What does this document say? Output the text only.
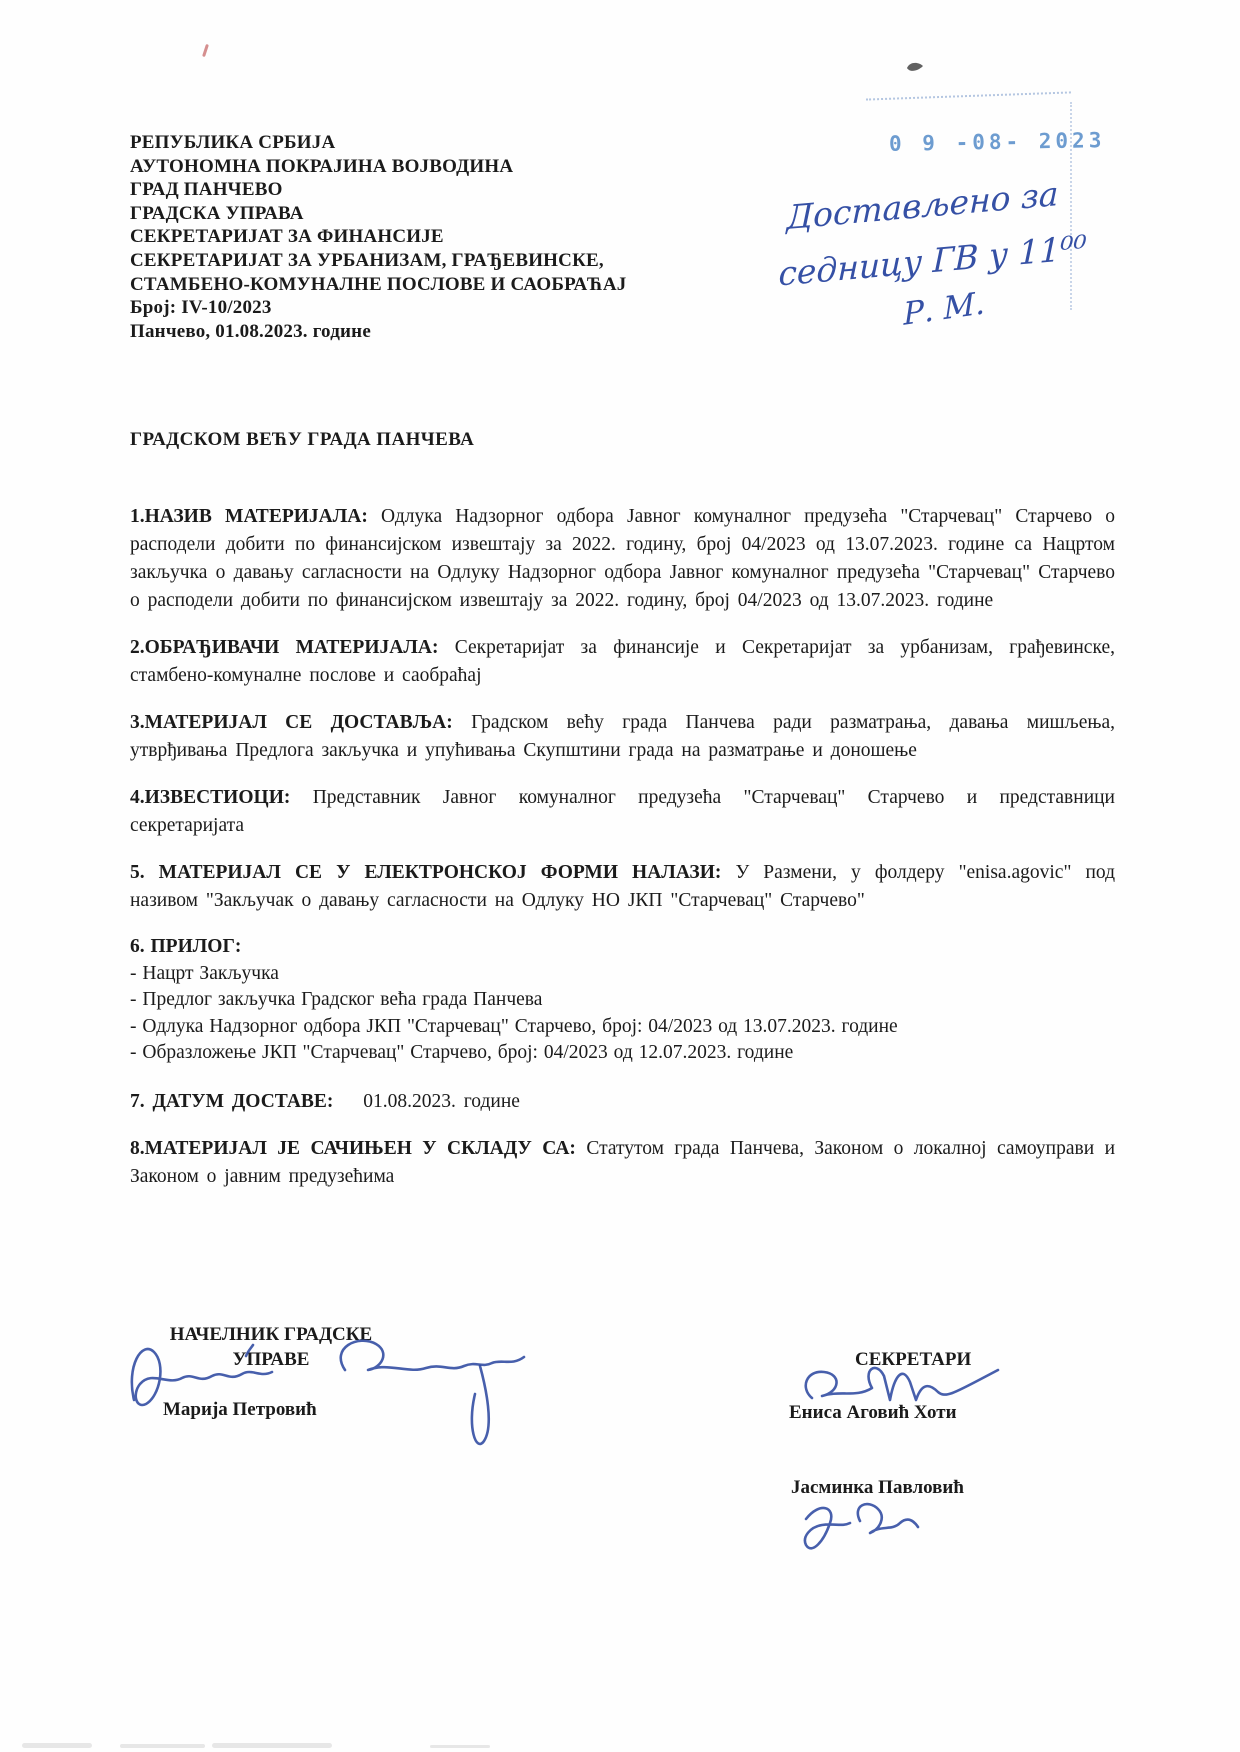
РЕПУБЛИКА СРБИЈА
АУТОНОМНА ПОКРАЈИНА ВОЈВОДИНА
ГРАД ПАНЧЕВО
ГРАДСКА УПРАВА
СЕКРЕТАРИЈАТ ЗА ФИНАНСИЈЕ
СЕКРЕТАРИЈАТ ЗА УРБАНИЗАМ, ГРАЂЕВИНСКЕ,
СТАМБЕНО-КОМУНАЛНЕ ПОСЛОВЕ И САОБРАЋАЈ
Број: IV-10/2023
Панчево, 01.08.2023. године
0 9 -08- 2023
Достављено за
седницу ГВ у 11⁰⁰
Р. М.
ГРАДСКОМ ВЕЋУ ГРАДА ПАНЧЕВА

1.НАЗИВ МАТЕРИЈАЛА: Одлука Надзорног одбора Јавног комуналног предузећа "Старчевац" Старчево о расподели добити по финансијском извештају за 2022. годину, број 04/2023 од 13.07.2023. године са Нацртом закључка о давању сагласности на Одлуку Надзорног одбора Јавног комуналног предузећа "Старчевац" Старчево о расподели добити по финансијском извештају за 2022. годину, број 04/2023 од 13.07.2023. године

2.ОБРАЂИВАЧИ МАТЕРИЈАЛА: Секретаријат за финансије и Секретаријат за урбанизам, грађевинске, стамбено-комуналне послове и саобраћај

3.МАТЕРИЈАЛ СЕ ДОСТАВЉА: Градском већу града Панчева ради разматрања, давања мишљења, утврђивања Предлога закључка и упућивања Скупштини града на разматрање и доношење

4.ИЗВЕСТИОЦИ: Представник Јавног комуналног предузећа "Старчевац" Старчево и представници секретаријата

5. МАТЕРИЈАЛ СЕ У ЕЛЕКТРОНСКОЈ ФОРМИ НАЛАЗИ: У Размени, у фолдеру "enisa.agovic" под називом "Закључак о давању сагласности на Одлуку НО ЈКП "Старчевац" Старчево"

6. ПРИЛОГ:
- Нацрт Закључка
- Предлог закључка Градског већа града Панчева
- Одлука Надзорног одбора ЈКП "Старчевац" Старчево, број: 04/2023 од 13.07.2023. године
- Образложење ЈКП "Старчевац" Старчево, број: 04/2023 од 12.07.2023. године

7. ДАТУМ ДОСТАВЕ: 01.08.2023. године

8.МАТЕРИЈАЛ ЈЕ САЧИЊЕН У СКЛАДУ СА: Статутом града Панчева, Законом о локалној самоуправи и Законом о јавним предузећима

НАЧЕЛНИК ГРАДСКЕ
УПРАВЕ
Марија Петровић
СЕКРЕТАРИ
Ениса Аговић Хоти
Јасминка Павловић
